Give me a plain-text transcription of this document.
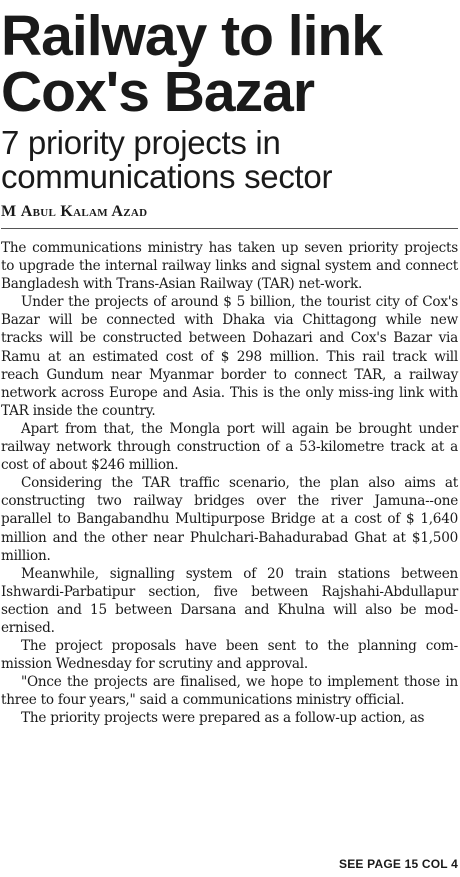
Railway to link
Cox's Bazar
7 priority projects in
communications sector
M Abul Kalam Azad

The communications ministry has taken up seven priority projects to upgrade the internal railway links and signal system and connect Bangladesh with Trans-Asian Railway (TAR) net-work.

Under the projects of around $ 5 billion, the tourist city of Cox's Bazar will be connected with Dhaka via Chittagong while new tracks will be constructed between Dohazari and Cox's Bazar via Ramu at an estimated cost of $ 298 million. This rail track will reach Gundum near Myanmar border to connect TAR, a railway network across Europe and Asia. This is the only miss-ing link with TAR inside the country.

Apart from that, the Mongla port will again be brought under railway network through construction of a 53-kilometre track at a cost of about $246 million.

Considering the TAR traffic scenario, the plan also aims at constructing two railway bridges over the river Jamuna--one parallel to Bangabandhu Multipurpose Bridge at a cost of $ 1,640 million and the other near Phulchari-Bahadurabad Ghat at $1,500 million.

Meanwhile, signalling system of 20 train stations between Ishwardi-Parbatipur section, five between Rajshahi-Abdullapur section and 15 between Darsana and Khulna will also be mod-ernised.

The project proposals have been sent to the planning com-mission Wednesday for scrutiny and approval.

"Once the projects are finalised, we hope to implement those in three to four years," said a communications ministry official.

The priority projects were prepared as a follow-up action, as

SEE PAGE 15 COL 4
